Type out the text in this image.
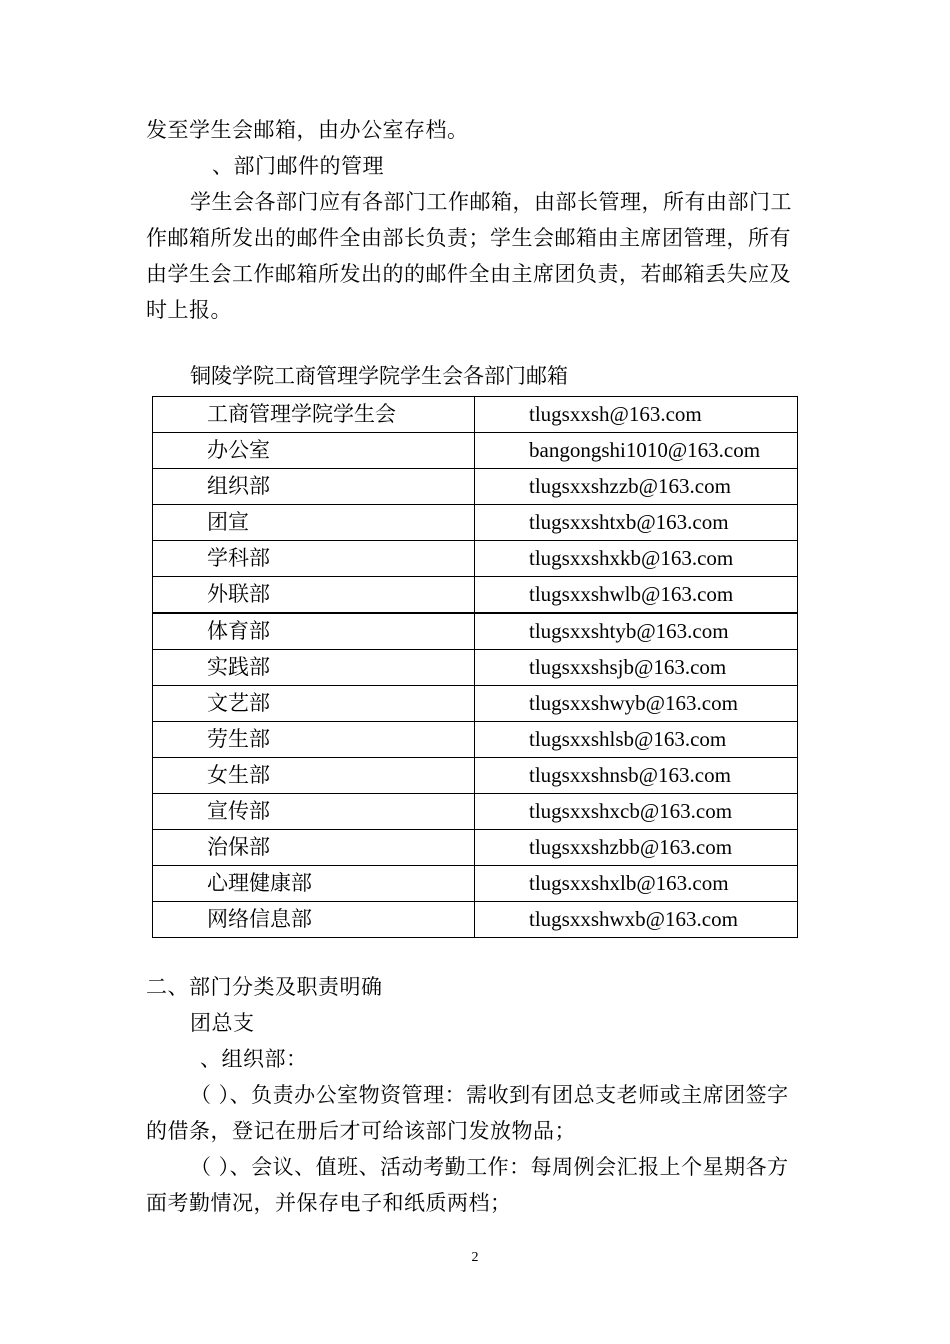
发至学生会邮箱，由办公室存档。
、部门邮件的管理
学生会各部门应有各部门工作邮箱，由部长管理，所有由部门工
作邮箱所发出的邮件全由部长负责；学生会邮箱由主席团管理，所有
由学生会工作邮箱所发出的的邮件全由主席团负责，若邮箱丢失应及
时上报。
铜陵学院工商管理学院学生会各部门邮箱
工商管理学院学生会	tlugsxxsh@163.com
办公室	bangongshi1010@163.com
组织部	tlugsxxshzzb@163.com
团宣	tlugsxxshtxb@163.com
学科部	tlugsxxshxkb@163.com
外联部	tlugsxxshwlb@163.com
体育部	tlugsxxshtyb@163.com
实践部	tlugsxxshsjb@163.com
文艺部	tlugsxxshwyb@163.com
劳生部	tlugsxxshlsb@163.com
女生部	tlugsxxshnsb@163.com
宣传部	tlugsxxshxcb@163.com
治保部	tlugsxxshzbb@163.com
心理健康部	tlugsxxshxlb@163.com
网络信息部	tlugsxxshwxb@163.com
二、部门分类及职责明确
团总支
、组织部：
（ ）、负责办公室物资管理：需收到有团总支老师或主席团签字
的借条，登记在册后才可给该部门发放物品；
（ ）、会议、值班、活动考勤工作：每周例会汇报上个星期各方
面考勤情况，并保存电子和纸质两档；
2
